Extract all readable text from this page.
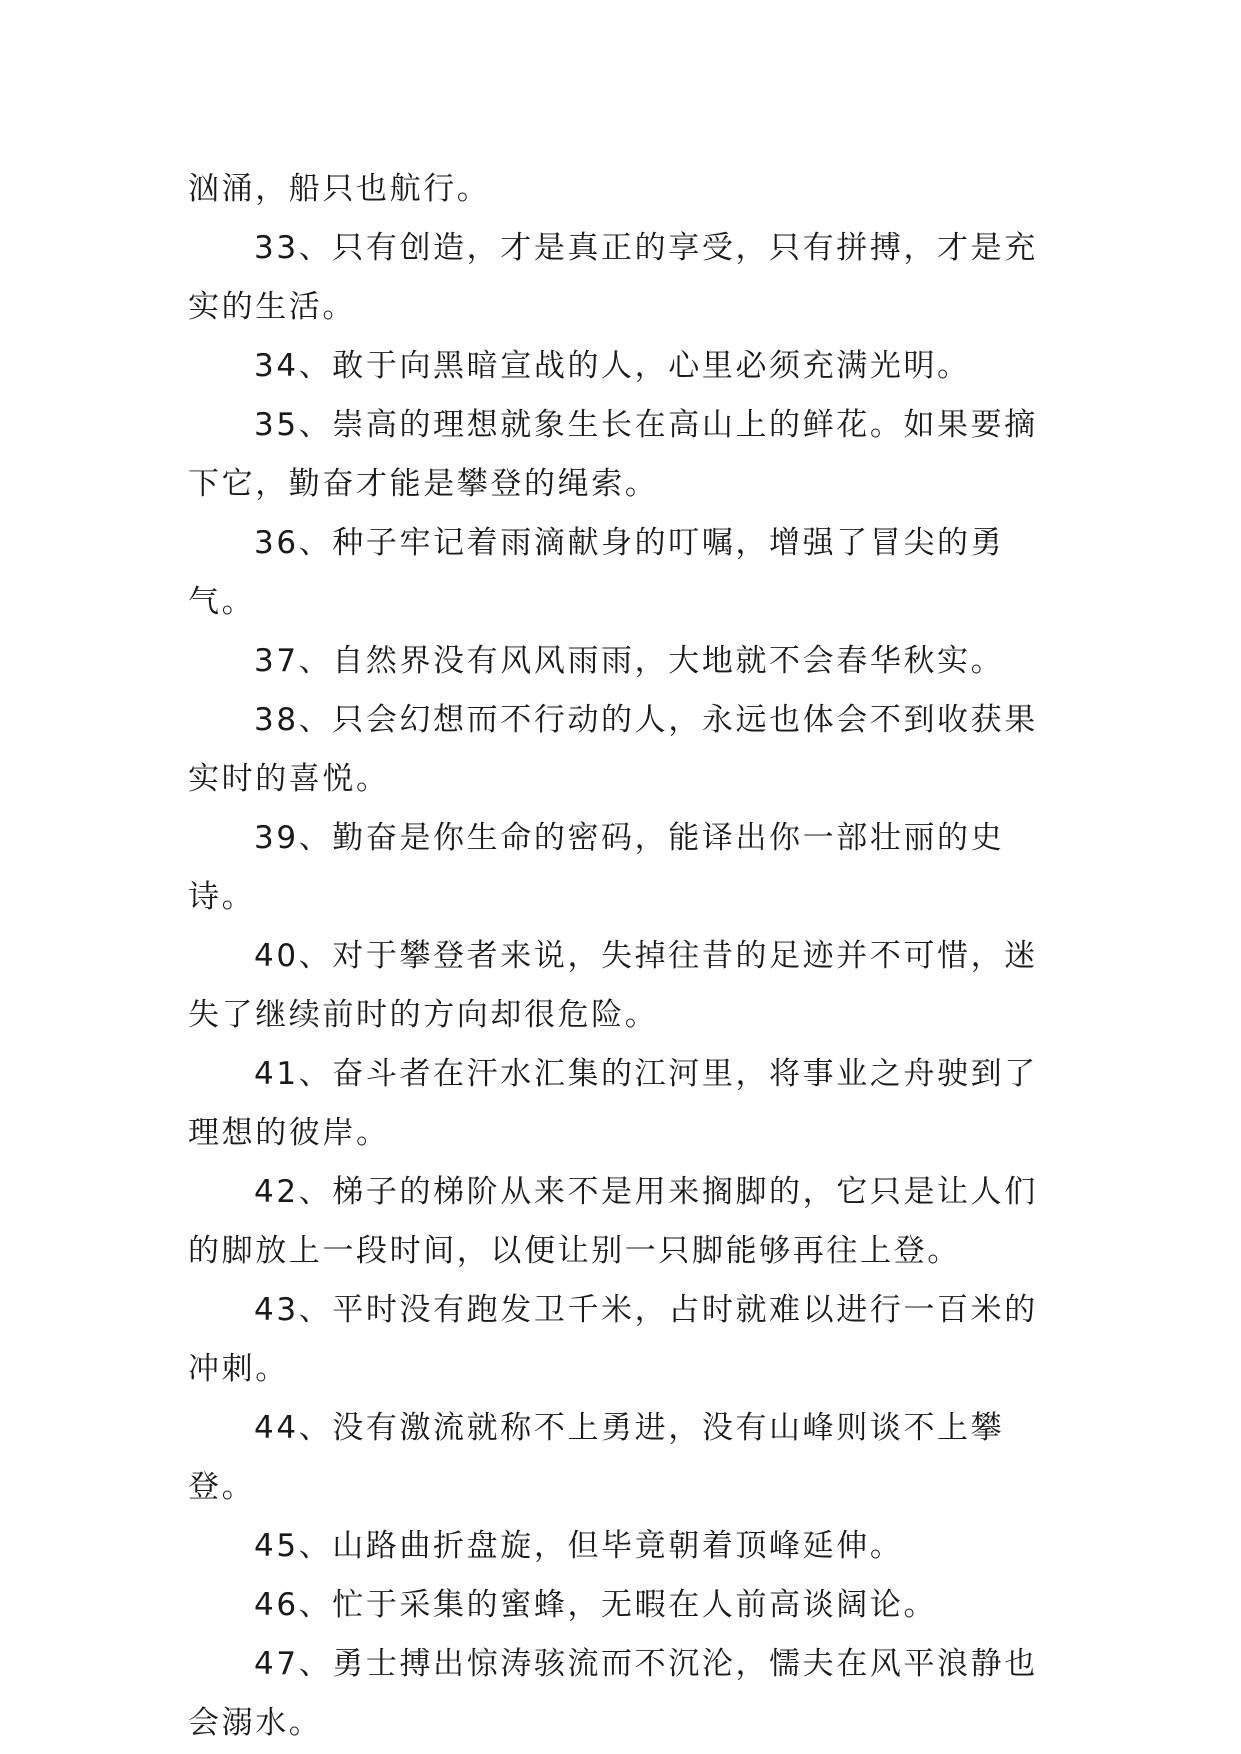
汹涌，船只也航行。

33、只有创造，才是真正的享受，只有拼搏，才是充实的生活。

34、敢于向黑暗宣战的人，心里必须充满光明。

35、崇高的理想就象生长在高山上的鲜花。如果要摘下它，勤奋才能是攀登的绳索。

36、种子牢记着雨滴献身的叮嘱，增强了冒尖的勇气。

37、自然界没有风风雨雨，大地就不会春华秋实。

38、只会幻想而不行动的人，永远也体会不到收获果实时的喜悦。

39、勤奋是你生命的密码，能译出你一部壮丽的史诗。

40、对于攀登者来说，失掉往昔的足迹并不可惜，迷失了继续前时的方向却很危险。

41、奋斗者在汗水汇集的江河里，将事业之舟驶到了理想的彼岸。

42、梯子的梯阶从来不是用来搁脚的，它只是让人们的脚放上一段时间，以便让别一只脚能够再往上登。

43、平时没有跑发卫千米，占时就难以进行一百米的冲刺。

44、没有激流就称不上勇进，没有山峰则谈不上攀登。

45、山路曲折盘旋，但毕竟朝着顶峰延伸。

46、忙于采集的蜜蜂，无暇在人前高谈阔论。

47、勇士搏出惊涛骇流而不沉沦，懦夫在风平浪静也会溺水。
